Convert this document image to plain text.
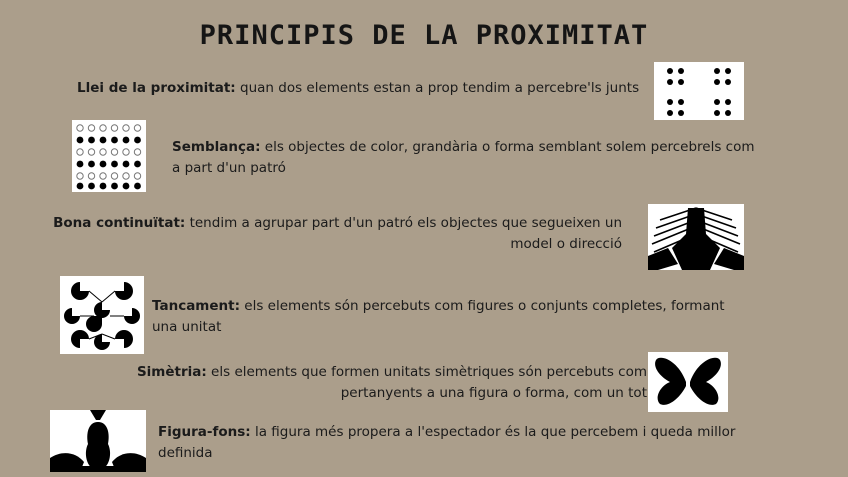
PRINCIPIS DE LA PROXIMITAT
Llei de la proximitat: quan dos elements estan a prop tendim a percebre'ls junts
Semblança: els objectes de color, grandària o forma semblant solem percebrels com a part d'un patró
Bona continuïtat: tendim a agrupar part d'un patró els objectes que segueixen un model o direcció
Tancament: els elements són percebuts com figures o conjunts completes, formant una unitat
Simètria: els elements que formen unitats simètriques són percebuts com pertanyents a una figura o forma, com un tot
Figura-fons: la figura més propera a l'espectador és la que percebem i queda millor definida
